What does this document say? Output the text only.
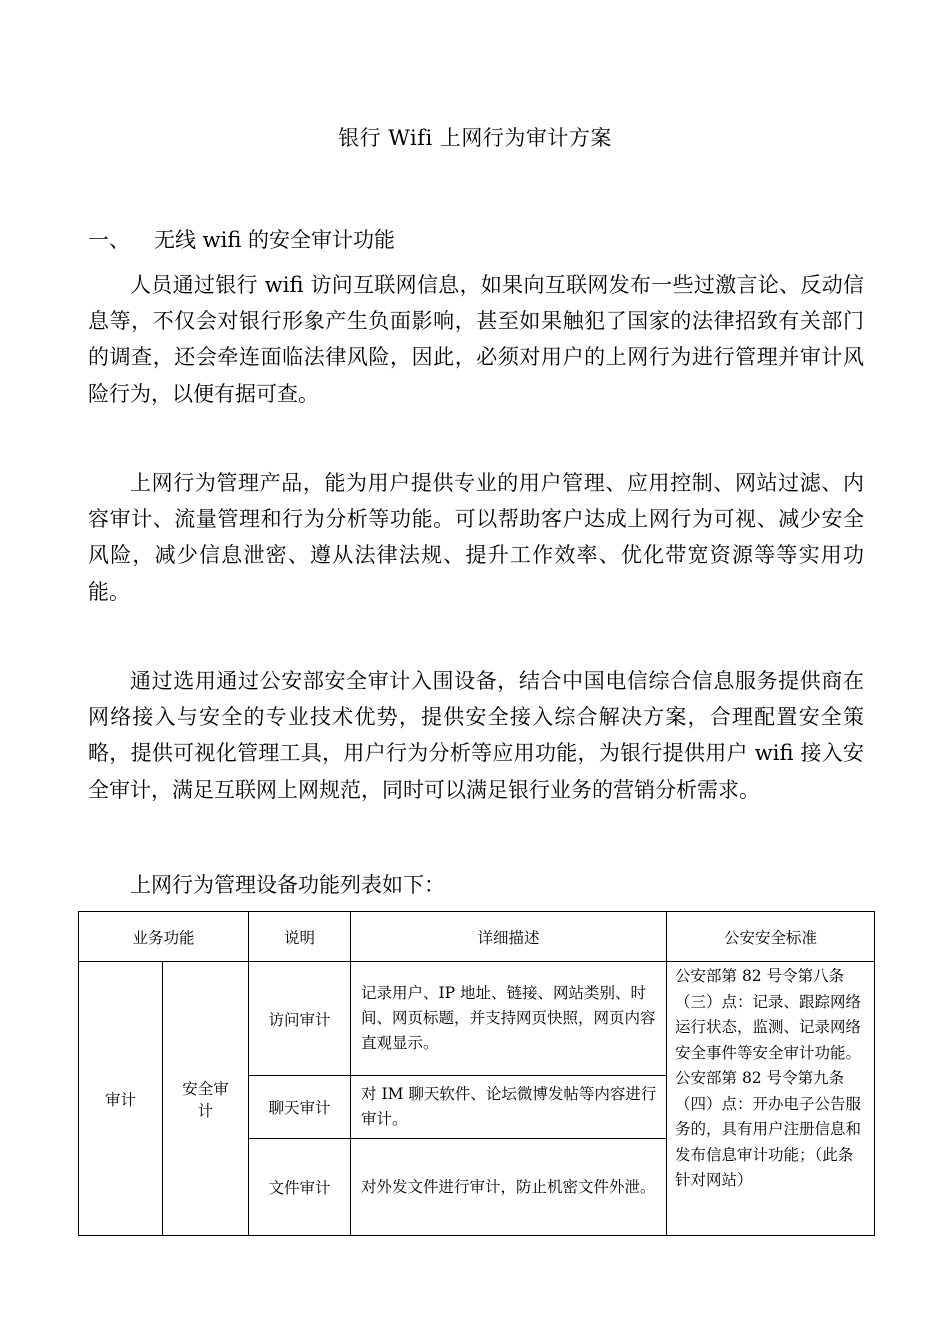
银行 Wifi 上网行为审计方案
一、 无线 wifi 的安全审计功能

人员通过银行 wifi 访问互联网信息，如果向互联网发布一些过激言论、反动信息等，不仅会对银行形象产生负面影响，甚至如果触犯了国家的法律招致有关部门的调查，还会牵连面临法律风险，因此，必须对用户的上网行为进行管理并审计风险行为，以便有据可查。

上网行为管理产品，能为用户提供专业的用户管理、应用控制、网站过滤、内容审计、流量管理和行为分析等功能。可以帮助客户达成上网行为可视、减少安全风险，减少信息泄密、遵从法律法规、提升工作效率、优化带宽资源等等实用功能。

通过选用通过公安部安全审计入围设备，结合中国电信综合信息服务提供商在网络接入与安全的专业技术优势，提供安全接入综合解决方案，合理配置安全策略，提供可视化管理工具，用户行为分析等应用功能，为银行提供用户 wifi 接入安全审计，满足互联网上网规范，同时可以满足银行业务的营销分析需求。

上网行为管理设备功能列表如下：

业务功能		说明	详细描述	公安安全标准
审计	安全审计	访问审计	记录用户、IP 地址、链接、网站类别、时间、网页标题，并支持网页快照，网页内容直观显示。	公安部第 82 号令第八条（三）点：记录、跟踪网络运行状态，监测、记录网络安全事件等安全审计功能。公安部第 82 号令第九条（四）点：开办电子公告服务的，具有用户注册信息和发布信息审计功能；（此条针对网站）
		聊天审计	对 IM 聊天软件、论坛微博发帖等内容进行审计。	
		文件审计	对外发文件进行审计，防止机密文件外泄。	
